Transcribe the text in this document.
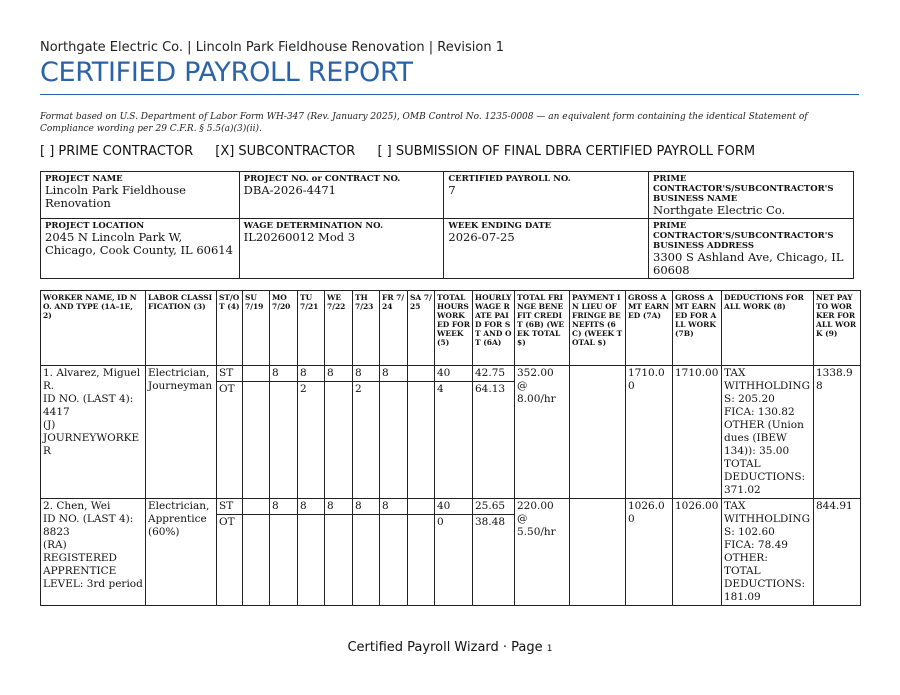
Northgate Electric Co. | Lincoln Park Fieldhouse Renovation | Revision 1
CERTIFIED PAYROLL REPORT
Format based on U.S. Department of Labor Form WH-347 (Rev. January 2025), OMB Control No. 1235-0008 — an equivalent form containing the identical Statement of Compliance wording per 29 C.F.R. § 5.5(a)(3)(ii).
[ ] PRIME CONTRACTOR [X] SUBCONTRACTOR [ ] SUBMISSION OF FINAL DBRA CERTIFIED PAYROLL FORM
PROJECT NAME
Lincoln Park Fieldhouse Renovation	PROJECT NO. or CONTRACT NO.
DBA-2026-4471	CERTIFIED PAYROLL NO.
7	PRIME CONTRACTOR'S/SUBCONTRACTOR'S BUSINESS NAME
Northgate Electric Co.

PROJECT LOCATION
2045 N Lincoln Park W, Chicago, Cook County, IL 60614	WAGE DETERMINATION NO.
IL20260012 Mod 3	WEEK ENDING DATE
2026-07-25	PRIME CONTRACTOR'S/SUBCONTRACTOR'S BUSINESS ADDRESS
3300 S Ashland Ave, Chicago, IL 60608
WORKER NAME, ID NO. AND TYPE (1A–1E, 2)	LABOR CLASSIFICATION (3)	ST/OT (4)	SU 7/19	MO 7/20	TU 7/21	WE 7/22	TH 7/23	FR 7/24	SA 7/25	TOTAL HOURS WORKED FOR WEEK (5)	HOURLY WAGE RATE PAID FOR ST AND OT (6A)	TOTAL FRINGE BENEFIT CREDIT (6B) (WEEK TOTAL $)	PAYMENT IN LIEU OF FRINGE BENEFITS (6C) (WEEK TOTAL $)	GROSS AMT EARNED (7A)	GROSS AMT EARNED FOR ALL WORK (7B)	DEDUCTIONS FOR ALL WORK (8)	NET PAY TO WORKER FOR ALL WORK (9)
1. Alvarez, Miguel R.
ID NO. (LAST 4): 4417
(J) JOURNEYWORKER	Electrician, Journeyman	ST		8	8	8	8	8		40	42.75	352.00 @ 8.00/hr		1710.00	1710.00	TAX WITHHOLDINGS: 205.20
FICA: 130.82
OTHER (Union dues (IBEW 134)): 35.00
TOTAL DEDUCTIONS: 371.02	1338.98
		OT			2		2			4	64.13						
2. Chen, Wei
ID NO. (LAST 4): 8823
(RA) REGISTERED APPRENTICE LEVEL: 3rd period	Electrician, Apprentice (60%)	ST		8	8	8	8	8		40	25.65	220.00 @ 5.50/hr		1026.00	1026.00	TAX WITHHOLDINGS: 102.60
FICA: 78.49
OTHER:
TOTAL DEDUCTIONS: 181.09	844.91
		OT								0	38.48						
Certified Payroll Wizard · Page 1
